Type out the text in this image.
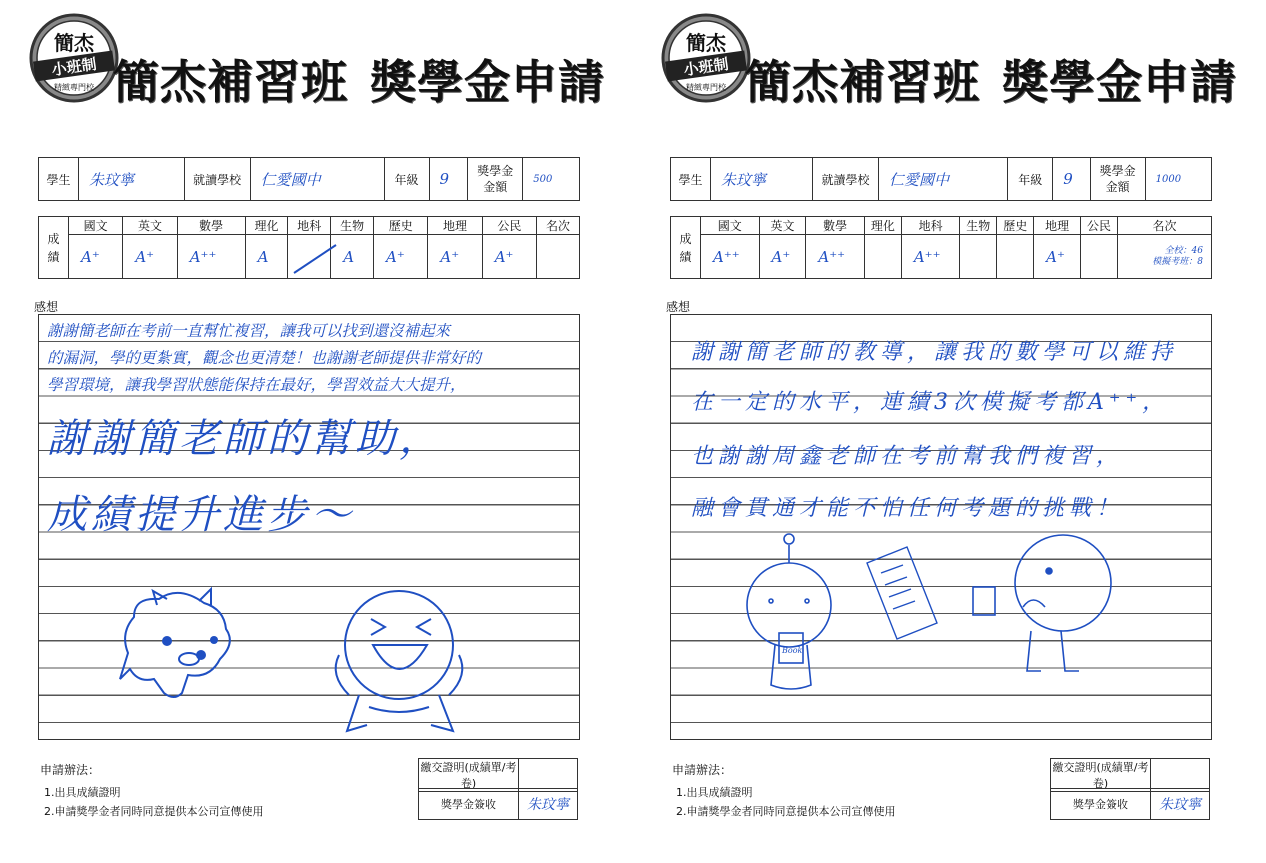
簡杰
小班制
精緻專門校 簡杰補習班 獎學金申請
學生	朱玟寧	就讀學校	仁愛國中	年級	9	獎學金
金額	500
成
績	國文	英文	數學	理化	地科	生物	歷史	地理	公民	名次
	A⁺	A⁺	A⁺⁺	A		A	A⁺	A⁺	A⁺	
感想
謝謝簡老師在考前一直幫忙複習，讓我可以找到還沒補起來
的漏洞，學的更紮實，觀念也更清楚！也謝謝老師提供非常好的
學習環境，讓我學習狀態能保持在最好，學習效益大大提升，
謝謝簡老師的幫助，
成績提升進步～
申請辦法：
1.出具成績證明
2.申請獎學金者同時同意提供本公司宣傳使用
繳交證明(成績單/考卷)	
獎學金簽收	朱玟寧
簡杰
小班制
精緻專門校 簡杰補習班 獎學金申請
學生	朱玟寧	就讀學校	仁愛國中	年級	9	獎學金
金額	1000
成
績	國文	英文	數學	理化	地科	生物	歷史	地理	公民	名次
	A⁺⁺	A⁺	A⁺⁺		A⁺⁺			A⁺		全校：46
模擬考班：8
感想
謝謝簡老師的教導，讓我的數學可以維持
在一定的水平，連續3次模擬考都A⁺⁺，
也謝謝周鑫老師在考前幫我們複習，
融會貫通才能不怕任何考題的挑戰！
Book
申請辦法：
1.出具成績證明
2.申請獎學金者同時同意提供本公司宣傳使用
繳交證明(成績單/考卷)	
獎學金簽收	朱玟寧
